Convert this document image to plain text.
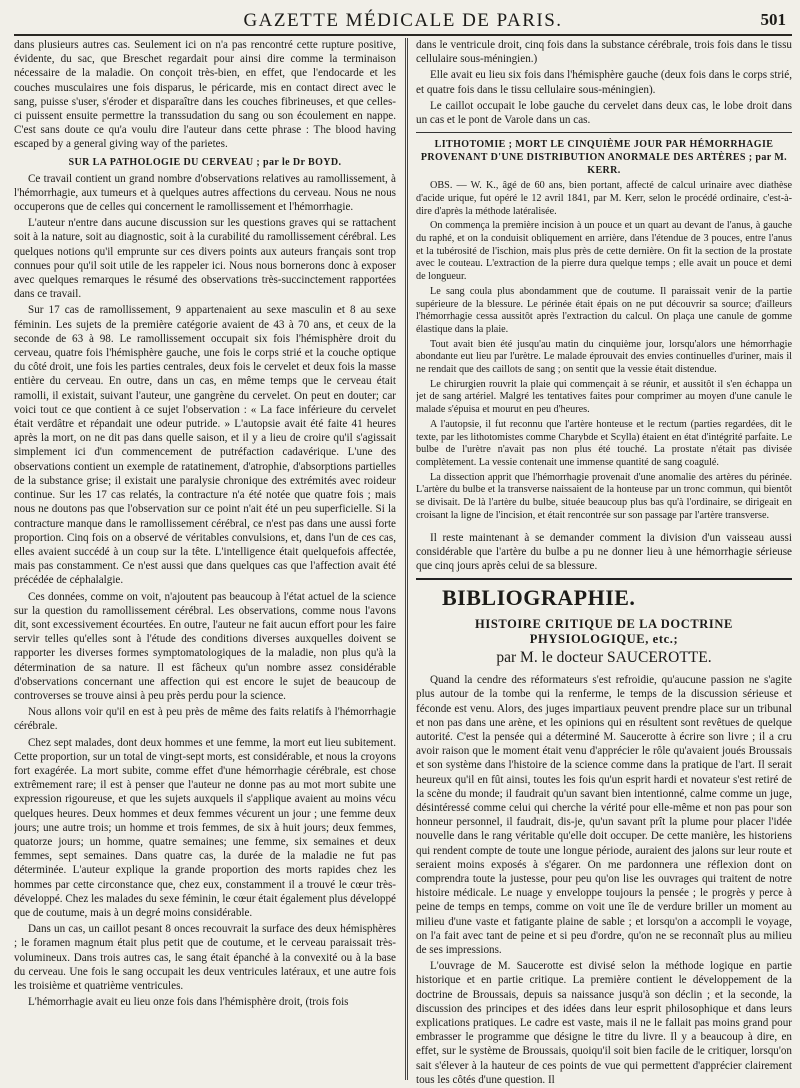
GAZETTE MÉDICALE DE PARIS.	501

dans plusieurs autres cas. Seulement ici on n'a pas rencontré cette rupture positive, évidente, du sac, que Breschet regardait pour ainsi dire comme la terminaison nécessaire de la maladie. On conçoit très-bien, en effet, que l'endocarde et les couches musculaires une fois disparus, le péricarde, mis en contact direct avec le sang, puisse s'user, s'éroder et disparaître dans les couches fibrineuses, et que celles-ci puissent ensuite permettre la transsudation du sang ou son écoulement en nappe. C'est sans doute ce qu'a voulu dire l'auteur dans cette phrase : The blood having escaped by a general giving way of the parietes.

SUR LA PATHOLOGIE DU CERVEAU ; par le Dr BOYD.

Ce travail contient un grand nombre d'observations relatives au ramollissement, à l'hémorrhagie, aux tumeurs et à quelques autres affections du cerveau. Nous ne nous occuperons que de celles qui concernent le ramollissement et l'hémorrhagie.

L'auteur n'entre dans aucune discussion sur les questions graves qui se rattachent soit à la nature, soit au diagnostic, soit à la curabilité du ramollissement cérébral. Les quelques notions qu'il emprunte sur ces divers points aux auteurs français sont trop connues pour qu'il soit utile de les rappeler ici. Nous nous bornerons donc à exposer avec quelques remarques le résumé des observations très-succinctement rapportées dans ce travail.

Sur 17 cas de ramollissement, 9 appartenaient au sexe masculin et 8 au sexe féminin. Les sujets de la première catégorie avaient de 43 à 70 ans, et ceux de la seconde de 63 à 98. Le ramollissement occupait six fois l'hémisphère droit du cerveau, quatre fois l'hémisphère gauche, une fois le corps strié et la couche optique du côté droit, une fois les parties centrales, deux fois le cervelet et deux fois la masse entière du cerveau. En outre, dans un cas, en même temps que le cerveau était ramolli, il existait, suivant l'auteur, une gangrène du cervelet. On peut en douter; car voici tout ce que contient à ce sujet l'observation : « La face inférieure du cervelet était verdâtre et répandait une odeur putride. » L'autopsie avait été faite 41 heures après la mort, on ne dit pas dans quelle saison, et il y a lieu de croire qu'il s'agissait simplement ici d'un commencement de putréfaction cadavérique. L'une des observations contient un exemple de ratatinement, d'atrophie, d'absorptions partielles de la substance grise; il existait une paralysie chronique des extrémités avec roideur continue. Sur les 17 cas relatés, la contracture n'a été notée que quatre fois ; mais nous ne doutons pas que l'observation sur ce point n'ait été un peu superficielle. Si la contracture manque dans le ramollissement cérébral, ce n'est pas dans une aussi forte proportion. Cinq fois on a observé de véritables convulsions, et, dans l'un de ces cas, elles avaient succédé à un coup sur la tête. L'intelligence était quelquefois affectée, mais pas constamment. Ce n'est aussi que dans quelques cas que l'affection avait été précédée de céphalalgie.

Ces données, comme on voit, n'ajoutent pas beaucoup à l'état actuel de la science sur la question du ramollissement cérébral. Les observations, comme nous l'avons dit, sont excessivement écourtées. En outre, l'auteur ne fait aucun effort pour les faire servir telles qu'elles sont à l'étude des conditions diverses auxquelles doivent se rapporter les diverses formes symptomatologiques de la maladie, non plus qu'à la détermination de sa nature. Il est fâcheux qu'un nombre assez considérable d'observations concernant une affection qui est encore le sujet de beaucoup de controverses se trouve ainsi à peu près perdu pour la science.

Nous allons voir qu'il en est à peu près de même des faits relatifs à l'hémorrhagie cérébrale.

Chez sept malades, dont deux hommes et une femme, la mort eut lieu subitement. Cette proportion, sur un total de vingt-sept morts, est considérable, et nous la croyons fort exagérée. La mort subite, comme effet d'une hémorrhagie cérébrale, est chose extrêmement rare; il est à penser que l'auteur ne donne pas au mot mort subite une expression rigoureuse, et que les sujets auxquels il s'applique avaient au moins vécu quelques heures. Deux hommes et deux femmes vécurent un jour ; une femme deux jours; une autre trois; un homme et trois femmes, de six à huit jours; deux femmes, quatorze jours; un homme, quatre semaines; une femme, six semaines et deux femmes, sept semaines. Dans quatre cas, la durée de la maladie ne fut pas déterminée. L'auteur explique la grande proportion des morts rapides chez les hommes par cette circonstance que, chez eux, constamment il a trouvé le cœur très-développé. Chez les malades du sexe féminin, le cœur était également plus développé que de coutume, mais à un degré moins considérable.

Dans un cas, un caillot pesant 8 onces recouvrait la surface des deux hémisphères ; le foramen magnum était plus petit que de coutume, et le cerveau paraissait très-volumineux. Dans trois autres cas, le sang était épanché à la convexité ou à la base du cerveau. Une fois le sang occupait les deux ventricules latéraux, et une autre fois les troisième et quatrième ventricules.

L'hémorrhagie avait eu lieu onze fois dans l'hémisphère droit, (trois fois

dans le ventricule droit, cinq fois dans la substance cérébrale, trois fois dans le tissu cellulaire sous-méningien.)

Elle avait eu lieu six fois dans l'hémisphère gauche (deux fois dans le corps strié, et quatre fois dans le tissu cellulaire sous-méningien).

Le caillot occupait le lobe gauche du cervelet dans deux cas, le lobe droit dans un cas et le pont de Varole dans un cas.

LITHOTOMIE ; MORT LE CINQUIÈME JOUR PAR HÉMORRHAGIE PROVENANT D'UNE DISTRIBUTION ANORMALE DES ARTÈRES ; par M. KERR.

OBS. — W. K., âgé de 60 ans, bien portant, affecté de calcul urinaire avec diathèse d'acide urique, fut opéré le 12 avril 1841, par M. Kerr, selon le procédé ordinaire, c'est-à-dire d'après la méthode latéralisée.

On commença la première incision à un pouce et un quart au devant de l'anus, à gauche du raphé, et on la conduisit obliquement en arrière, dans l'étendue de 3 pouces, entre l'anus et la tubérosité de l'ischion, mais plus près de cette dernière. On fit la section de la prostate avec le couteau. L'extraction de la pierre dura quelque temps ; elle avait un pouce et demi de longueur.

Le sang coula plus abondamment que de coutume. Il paraissait venir de la partie supérieure de la blessure. Le périnée était épais on ne put découvrir sa source; d'ailleurs l'hémorrhagie cessa aussitôt après l'extraction du calcul. On plaça une canule de gomme élastique dans la plaie.

Tout avait bien été jusqu'au matin du cinquième jour, lorsqu'alors une hémorrhagie abondante eut lieu par l'urètre. Le malade éprouvait des envies continuelles d'uriner, mais il ne rendait que des caillots de sang ; on sentit que la vessie était distendue.

Le chirurgien rouvrit la plaie qui commençait à se réunir, et aussitôt il s'en échappa un jet de sang artériel. Malgré les tentatives faites pour comprimer au moyen d'une canule le malade s'épuisa et mourut en peu d'heures.

A l'autopsie, il fut reconnu que l'artère honteuse et le rectum (parties regardées, dit le texte, par les lithotomistes comme Charybde et Scylla) étaient en état d'intégrité parfaite. Le bulbe de l'urètre n'avait pas non plus été touché. La prostate n'était pas divisée complètement. La vessie contenait une immense quantité de sang coagulé.

La dissection apprit que l'hémorrhagie provenait d'une anomalie des artères du périnée. L'artère du bulbe et la transverse naissaient de la honteuse par un tronc commun, qui bientôt se divisait. De là l'artère du bulbe, située beaucoup plus bas qu'à l'ordinaire, se dirigeait en croisant la ligne de l'incision, et était rencontrée sur son passage par l'artère transverse.

Il reste maintenant à se demander comment la division d'un vaisseau aussi considérable que l'artère du bulbe a pu ne donner lieu à une hémorrhagie sérieuse que cinq jours après celui de sa blessure.

BIBLIOGRAPHIE.
HISTOIRE CRITIQUE DE LA DOCTRINE PHYSIOLOGIQUE, etc.;
par M. le docteur SAUCEROTTE.

Quand la cendre des réformateurs s'est refroidie, qu'aucune passion ne s'agite plus autour de la tombe qui la renferme, le temps de la discussion sérieuse et féconde est venu. Alors, des juges impartiaux peuvent prendre place sur un tribunal et non pas dans une arène, et les opinions qui en résultent sont revêtues de quelque autorité. C'est la pensée qui a déterminé M. Saucerotte à écrire son livre ; il a cru avoir raison que le moment était venu d'apprécier le rôle qu'avaient joués Broussais et son système dans l'histoire de la science comme dans la pratique de l'art. Il serait heureux qu'il en fût ainsi, toutes les fois qu'un esprit hardi et novateur s'est retiré de la scène du monde; il faudrait qu'un savant bien intentionné, calme comme un juge, désintéressé comme celui qui cherche la vérité pour elle-même et non pas pour son honneur personnel, il faudrait, dis-je, qu'un savant prît la plume pour placer l'idée nouvelle dans le rang véritable qu'elle doit occuper. De cette manière, les historiens qui rendent compte de toute une longue période, auraient des jalons sur leur route et seraient moins exposés à s'égarer. On me pardonnera une réflexion dont on comprendra toute la justesse, pour peu qu'on lise les ouvrages qui traitent de notre histoire médicale. Le nuage y enveloppe toujours la pensée ; le progrès y perce à peine de temps en temps, comme on voit une île de verdure briller un moment au milieu d'une vaste et fatigante plaine de sable ; et lorsqu'on a accompli le voyage, on l'a fait avec tant de peine et si peu d'ordre, qu'on ne se reconnaît plus au milieu de ses impressions.

L'ouvrage de M. Saucerotte est divisé selon la méthode logique en partie historique et en partie critique. La première contient le développement de la doctrine de Broussais, depuis sa naissance jusqu'à son déclin ; et la seconde, la discussion des principes et des idées dans leur esprit philosophique et dans leurs explications pratiques. Le cadre est vaste, mais il ne le fallait pas moins grand pour embrasser le programme que désigne le titre du livre. Il y a beaucoup à dire, en effet, sur le système de Broussais, quoiqu'il soit bien facile de le critiquer, lorsqu'on sait s'élever à la hauteur de ces points de vue qui permettent d'apprécier clairement tous les côtés d'une question. Il
